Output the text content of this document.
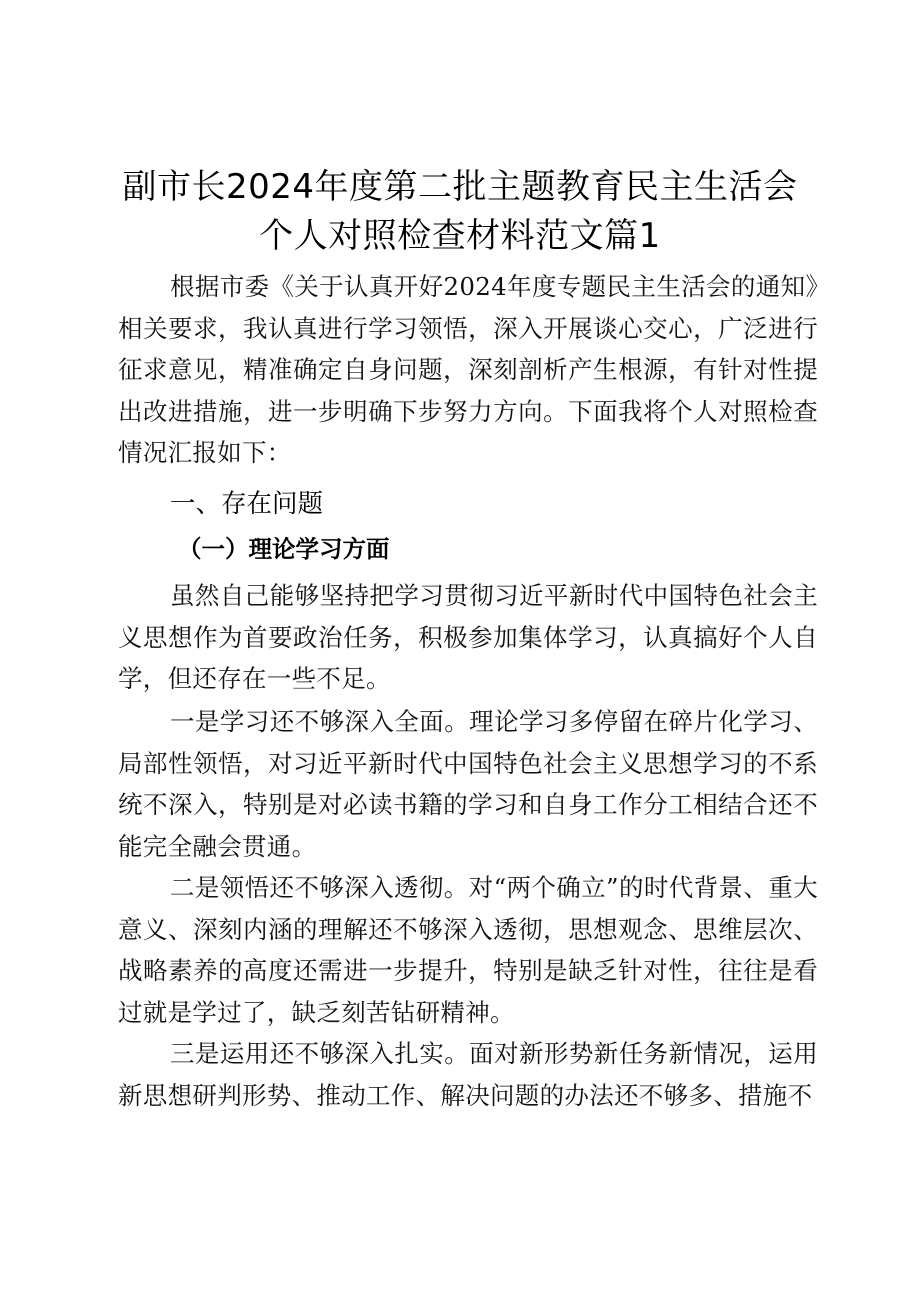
副市长2024年度第二批主题教育民主生活会
个人对照检查材料范文篇1

根据市委《关于认真开好2024年度专题民主生活会的通知》相关要求，我认真进行学习领悟，深入开展谈心交心，广泛进行征求意见，精准确定自身问题，深刻剖析产生根源，有针对性提出改进措施，进一步明确下步努力方向。下面我将个人对照检查情况汇报如下：

一、存在问题
（一）理论学习方面

虽然自己能够坚持把学习贯彻习近平新时代中国特色社会主义思想作为首要政治任务，积极参加集体学习，认真搞好个人自学，但还存在一些不足。

一是学习还不够深入全面。理论学习多停留在碎片化学习、局部性领悟，对习近平新时代中国特色社会主义思想学习的不系统不深入，特别是对必读书籍的学习和自身工作分工相结合还不能完全融会贯通。

二是领悟还不够深入透彻。对“两个确立”的时代背景、重大意义、深刻内涵的理解还不够深入透彻，思想观念、思维层次、战略素养的高度还需进一步提升，特别是缺乏针对性，往往是看过就是学过了，缺乏刻苦钻研精神。

三是运用还不够深入扎实。面对新形势新任务新情况，运用新思想研判形势、推动工作、解决问题的办法还不够多、措施不
